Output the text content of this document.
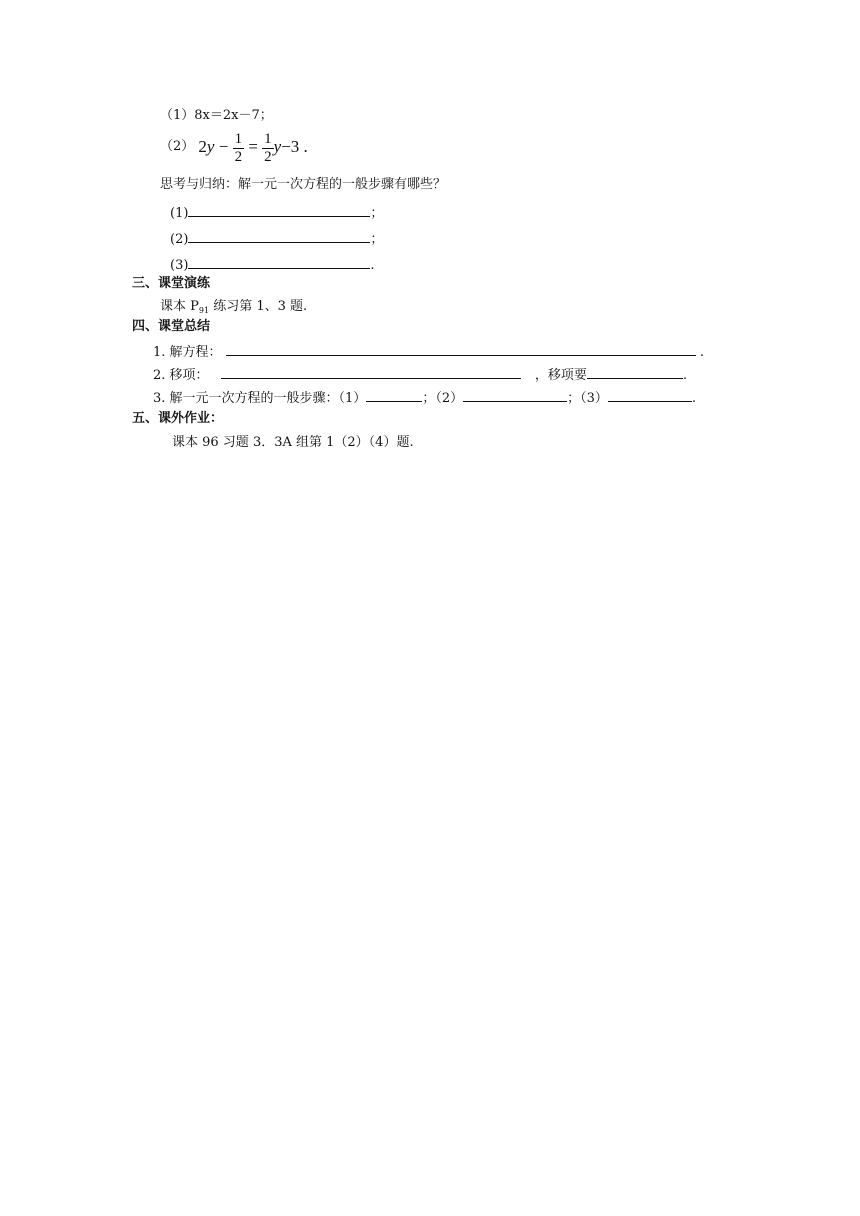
（1）8x＝2x－7；
（2） $2y - \frac{1}{2} = \frac{1}{2} y-3$ .
思考与归纳：解一元一次方程的一般步骤有哪些？
(1)	；
(2)	；
(3)	.
三、课堂演练
课本 $P_{91}$ 练习第 1、3 题.
四、课堂总结
1. 解方程：	.
2. 移项：	，移项要	.
3. 解一元一次方程的一般步骤：（1）	；（2）	；（3）	.
五、课外作业：
课本 96 习题 3．3A 组第 1（2）（4）题.
